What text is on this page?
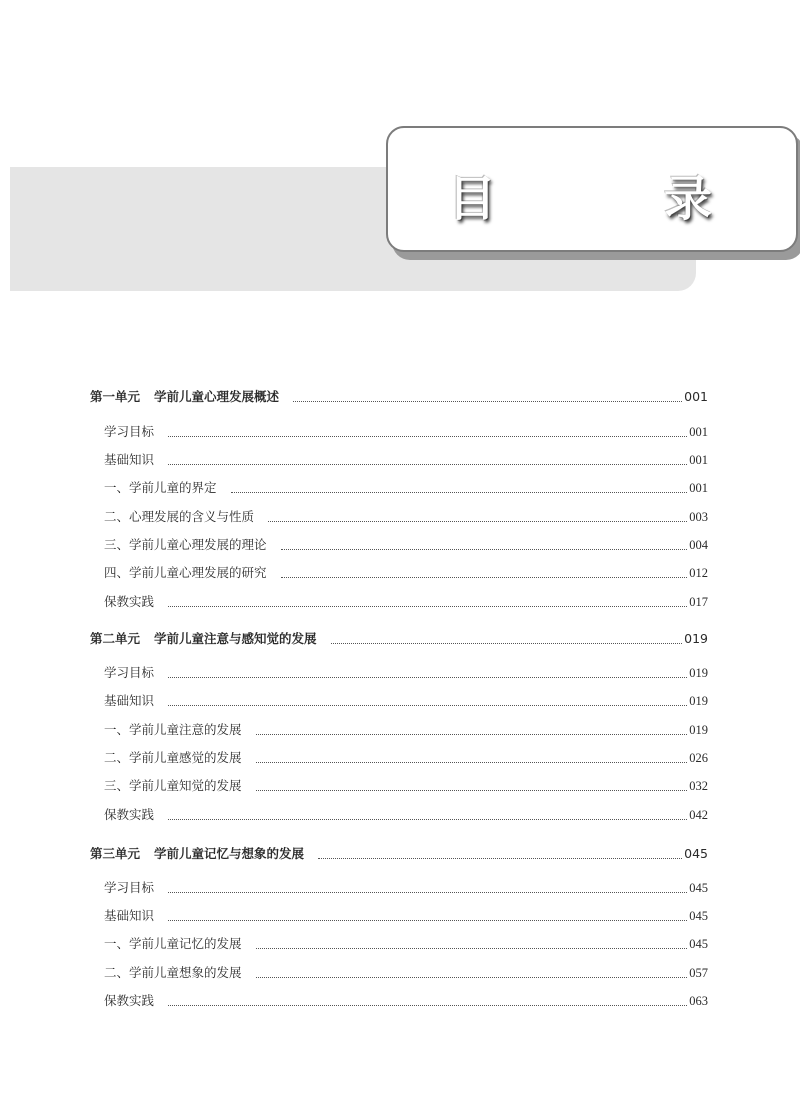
目　录
第一单元 学前儿童心理发展概述	001
学习目标	001
基础知识	001
一、学前儿童的界定	001
二、心理发展的含义与性质	003
三、学前儿童心理发展的理论	004
四、学前儿童心理发展的研究	012
保教实践	017
第二单元 学前儿童注意与感知觉的发展	019
学习目标	019
基础知识	019
一、学前儿童注意的发展	019
二、学前儿童感觉的发展	026
三、学前儿童知觉的发展	032
保教实践	042
第三单元 学前儿童记忆与想象的发展	045
学习目标	045
基础知识	045
一、学前儿童记忆的发展	045
二、学前儿童想象的发展	057
保教实践	063
